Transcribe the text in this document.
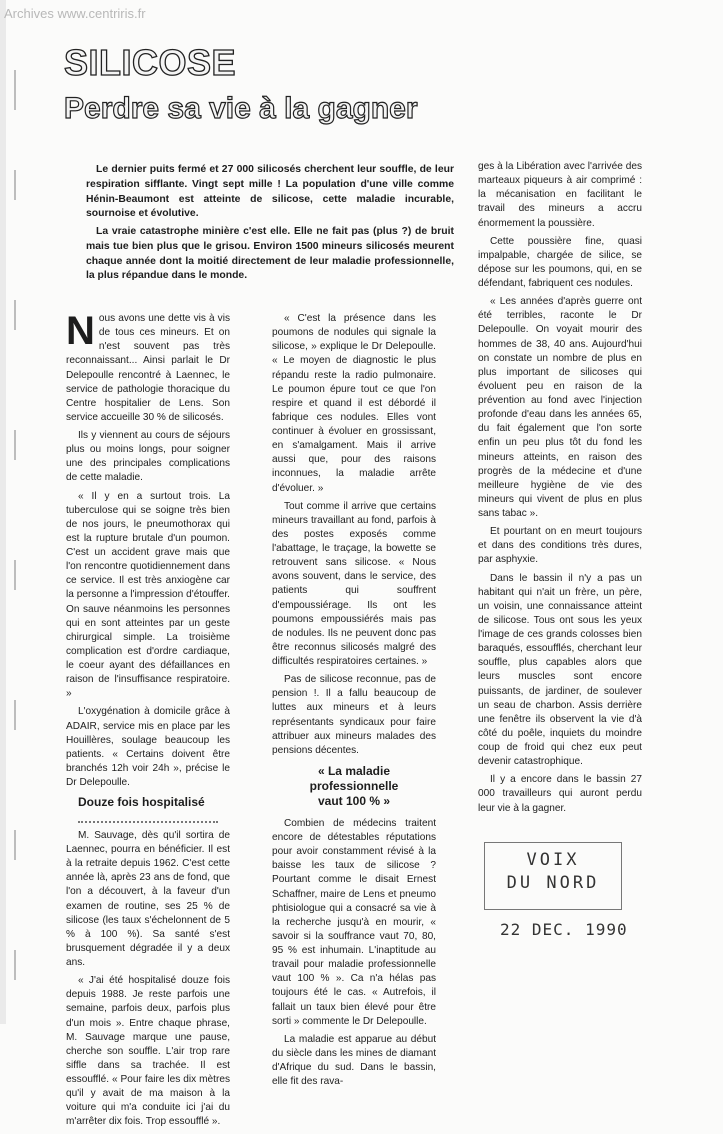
Archives www.centriris.fr
SILICOSE
Perdre sa vie à la gagner

Le dernier puits fermé et 27 000 silicosés cherchent leur souffle, de leur respiration sifflante. Vingt sept mille ! La population d'une ville comme Hénin-Beaumont est atteinte de silicose, cette maladie incurable, sournoise et évolutive.

La vraie catastrophe minière c'est elle. Elle ne fait pas (plus ?) de bruit mais tue bien plus que le grisou. Environ 1500 mineurs silicosés meurent chaque année dont la moitié directement de leur maladie professionnelle, la plus répandue dans le monde.

Nous avons une dette vis à vis de tous ces mineurs. Et on n'est souvent pas très reconnaissant... Ainsi parlait le Dr Delepoulle rencontré à Laennec, le service de pathologie thoracique du Centre hospitalier de Lens. Son service accueille 30 % de silicosés.

Ils y viennent au cours de séjours plus ou moins longs, pour soigner une des principales complications de cette maladie.

« Il y en a surtout trois. La tuberculose qui se soigne très bien de nos jours, le pneumothorax qui est la rupture brutale d'un poumon. C'est un accident grave mais que l'on rencontre quotidiennement dans ce service. Il est très anxiogène car la personne a l'impression d'étouffer. On sauve néanmoins les personnes qui en sont atteintes par un geste chirurgical simple. La troisième complication est d'ordre cardiaque, le coeur ayant des défaillances en raison de l'insuffisance respiratoire. »

L'oxygénation à domicile grâce à ADAIR, service mis en place par les Houillères, soulage beaucoup les patients. « Certains doivent être branchés 12h voir 24h », précise le Dr Delepoulle.

Douze fois hospitalisé

M. Sauvage, dès qu'il sortira de Laennec, pourra en bénéficier. Il est à la retraite depuis 1962. C'est cette année là, après 23 ans de fond, que l'on a découvert, à la faveur d'un examen de routine, ses 25 % de silicose (les taux s'échelonnent de 5 % à 100 %). Sa santé s'est brusquement dégradée il y a deux ans.

« J'ai été hospitalisé douze fois depuis 1988. Je reste parfois une semaine, parfois deux, parfois plus d'un mois ». Entre chaque phrase, M. Sauvage marque une pause, cherche son souffle. L'air trop rare siffle dans sa trachée. Il est essoufflé. « Pour faire les dix mètres qu'il y avait de ma maison à la voiture qui m'a conduite ici j'ai du m'arrêter dix fois. Trop essoufflé ».

« C'est la présence dans les poumons de nodules qui signale la silicose, » explique le Dr Delepoulle. « Le moyen de diagnostic le plus répandu reste la radio pulmonaire. Le poumon épure tout ce que l'on respire et quand il est débordé il fabrique ces nodules. Elles vont continuer à évoluer en grossissant, en s'amalgament. Mais il arrive aussi que, pour des raisons inconnues, la maladie arrête d'évoluer. »

Tout comme il arrive que certains mineurs travaillant au fond, parfois à des postes exposés comme l'abattage, le traçage, la bowette se retrouvent sans silicose. « Nous avons souvent, dans le service, des patients qui souffrent d'empoussiérage. Ils ont les poumons empoussiérés mais pas de nodules. Ils ne peuvent donc pas être reconnus silicosés malgré des difficultés respiratoires certaines. »

Pas de silicose reconnue, pas de pension !. Il a fallu beaucoup de luttes aux mineurs et à leurs représentants syndicaux pour faire attribuer aux mineurs malades des pensions décentes.

« La maladie
professionnelle
vaut 100 % »

Combien de médecins traitent encore de détestables réputations pour avoir constamment révisé à la baisse les taux de silicose ? Pourtant comme le disait Ernest Schaffner, maire de Lens et pneumo phtisiologue qui a consacré sa vie à la recherche jusqu'à en mourir, « savoir si la souffrance vaut 70, 80, 95 % est inhumain. L'inaptitude au travail pour maladie professionnelle vaut 100 % ». Ca n'a hélas pas toujours été le cas. « Autrefois, il fallait un taux bien élevé pour être sorti » commente le Dr Delepoulle.

La maladie est apparue au début du siècle dans les mines de diamant d'Afrique du sud. Dans le bassin, elle fit des rava-

ges à la Libération avec l'arrivée des marteaux piqueurs à air comprimé : la mécanisation en facilitant le travail des mineurs a accru énormement la poussière.

Cette poussière fine, quasi impalpable, chargée de silice, se dépose sur les poumons, qui, en se défendant, fabriquent ces nodules.

« Les années d'après guerre ont été terribles, raconte le Dr Delepoulle. On voyait mourir des hommes de 38, 40 ans. Aujourd'hui on constate un nombre de plus en plus important de silicoses qui évoluent peu en raison de la prévention au fond avec l'injection profonde d'eau dans les années 65, du fait également que l'on sorte enfin un peu plus tôt du fond les mineurs atteints, en raison des progrès de la médecine et d'une meilleure hygiène de vie des mineurs qui vivent de plus en plus sans tabac ».

Et pourtant on en meurt toujours et dans des conditions très dures, par asphyxie.

Dans le bassin il n'y a pas un habitant qui n'ait un frère, un père, un voisin, une connaissance atteint de silicose. Tous ont sous les yeux l'image de ces grands colosses bien baraqués, essoufflés, cherchant leur souffle, plus capables alors que leurs muscles sont encore puissants, de jardiner, de soulever un seau de charbon. Assis derrière une fenêtre ils observent la vie d'à côté du poêle, inquiets du moindre coup de froid qui chez eux peut devenir catastrophique.

Il y a encore dans le bassin 27 000 travailleurs qui auront perdu leur vie à la gagner.

VOIX
DU NORD
22 DEC. 1990
